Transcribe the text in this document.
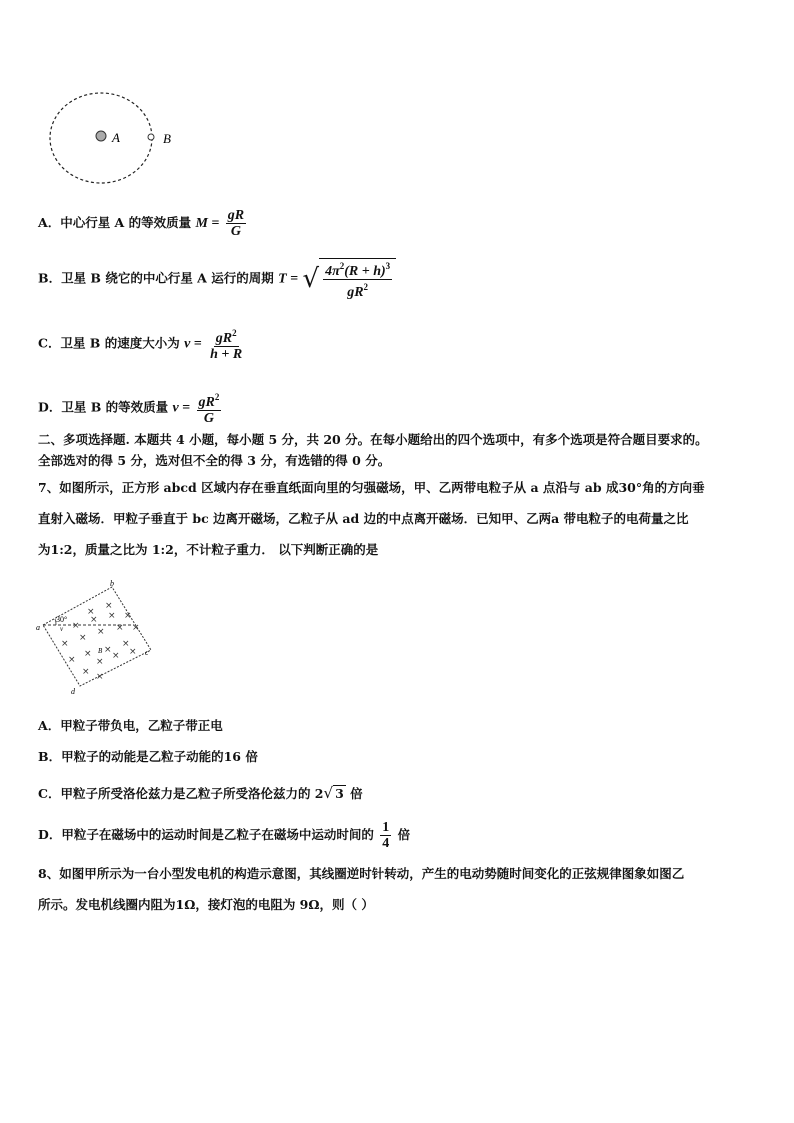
A	B
A．中心行星 A 的等效质量 $M = \frac{gR}{G}$
B．卫星 B 绕它的中心行星 A 运行的周期 T = √ $\frac{4\pi^2(R + h)^3}{gR^2}$
C．卫星 B 的速度大小为 $v = \frac{gR^2}{h + R}$
D．卫星 B 的等效质量 $v = \frac{gR^2}{G}$
二、多项选择题. 本题共 4 小题，每小题 5 分，共 20 分。在每小题给出的四个选项中，有多个选项是符合题目要求的。
全部选对的得 5 分，选对但不全的得 3 分，有选错的得 0 分。
7、如图所示，正方形 abcd 区域内存在垂直纸面向里的匀强磁场，甲、乙两带电粒子从 a 点沿与 ab 成30°角的方向垂
直射入磁场．甲粒子垂直于 bc 边离开磁场，乙粒子从 ad 边的中点离开磁场．已知甲、乙两a 带电粒子的电荷量之比
为1:2，质量之比为 1:2，不计粒子重力． 以下判断正确的是
30°
a
b
c
d
v
B
×
×
×
× × ×
×
×
× × ×
×
× ×
×
×
×
× ×
×
A．甲粒子带负电，乙粒子带正电
B．甲粒子的动能是乙粒子动能的16 倍
C．甲粒子所受洛伦兹力是乙粒子所受洛伦兹力的 2√ 3 倍
D．甲粒子在磁场中的运动时间是乙粒子在磁场中运动时间的 $\frac{1}{4}$ 倍
8、如图甲所示为一台小型发电机的构造示意图，其线圈逆时针转动，产生的电动势随时间变化的正弦规律图象如图乙
所示。发电机线圈内阻为1Ω，接灯泡的电阻为 9Ω，则（ ）
